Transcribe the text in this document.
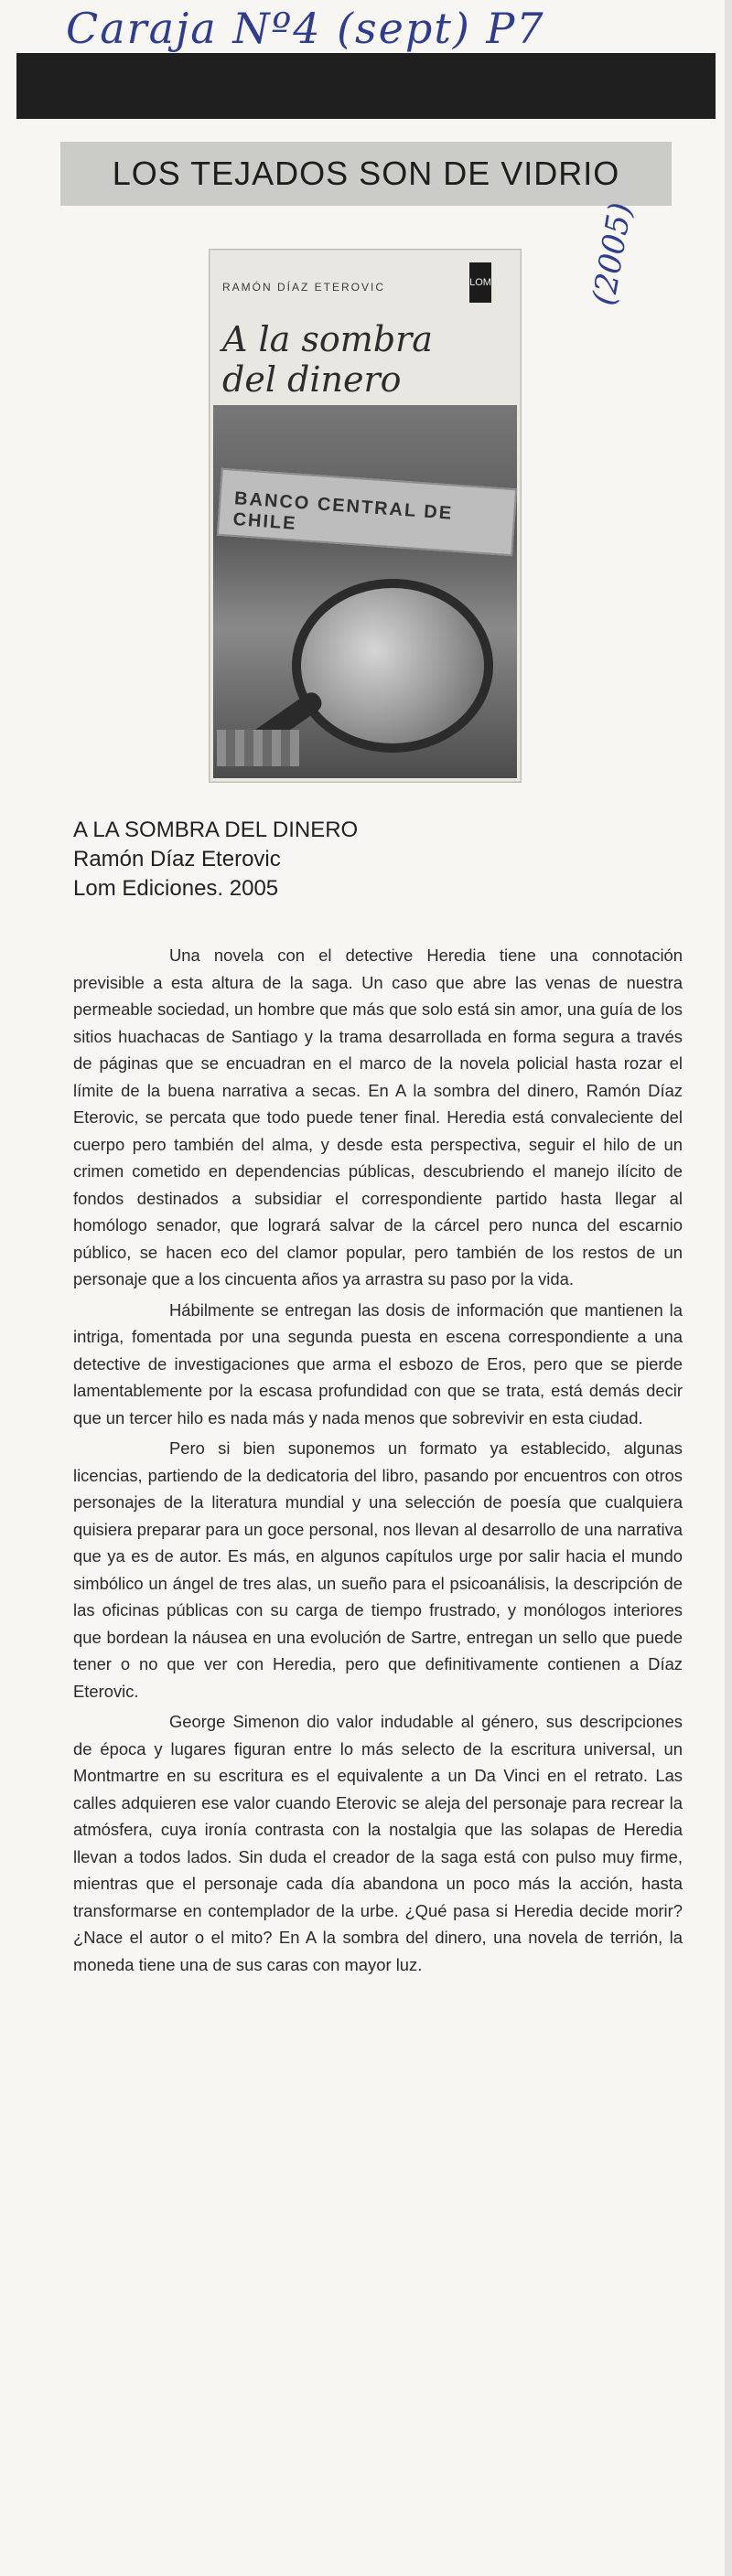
Caraja Nº4 (sept) P7
LOS TEJADOS SON DE VIDRIO
(2005)
RAMÓN DÍAZ ETEROVIC	LOM
A la sombra del dinero
BANCO CENTRAL DE CHILE
A LA SOMBRA DEL DINERO
Ramón Díaz Eterovic
Lom Ediciones. 2005

Una novela con el detective Heredia tiene una connotación previsible a esta altura de la saga. Un caso que abre las venas de nuestra permeable sociedad, un hombre que más que solo está sin amor, una guía de los sitios huachacas de Santiago y la trama desarrollada en forma segura a través de páginas que se encuadran en el marco de la novela policial hasta rozar el límite de la buena narrativa a secas. En A la sombra del dinero, Ramón Díaz Eterovic, se percata que todo puede tener final. Heredia está convaleciente del cuerpo pero también del alma, y desde esta perspectiva, seguir el hilo de un crimen cometido en dependencias públicas, descubriendo el manejo ilícito de fondos destinados a subsidiar el correspondiente partido hasta llegar al homólogo senador, que logrará salvar de la cárcel pero nunca del escarnio público, se hacen eco del clamor popular, pero también de los restos de un personaje que a los cincuenta años ya arrastra su paso por la vida.

Hábilmente se entregan las dosis de información que mantienen la intriga, fomentada por una segunda puesta en escena correspondiente a una detective de investigaciones que arma el esbozo de Eros, pero que se pierde lamentablemente por la escasa profundidad con que se trata, está demás decir que un tercer hilo es nada más y nada menos que sobrevivir en esta ciudad.

Pero si bien suponemos un formato ya establecido, algunas licencias, partiendo de la dedicatoria del libro, pasando por encuentros con otros personajes de la literatura mundial y una selección de poesía que cualquiera quisiera preparar para un goce personal, nos llevan al desarrollo de una narrativa que ya es de autor. Es más, en algunos capítulos urge por salir hacia el mundo simbólico un ángel de tres alas, un sueño para el psicoanálisis, la descripción de las oficinas públicas con su carga de tiempo frustrado, y monólogos interiores que bordean la náusea en una evolución de Sartre, entregan un sello que puede tener o no que ver con Heredia, pero que definitivamente contienen a Díaz Eterovic.

George Simenon dio valor indudable al género, sus descripciones de época y lugares figuran entre lo más selecto de la escritura universal, un Montmartre en su escritura es el equivalente a un Da Vinci en el retrato. Las calles adquieren ese valor cuando Eterovic se aleja del personaje para recrear la atmósfera, cuya ironía contrasta con la nostalgia que las solapas de Heredia llevan a todos lados. Sin duda el creador de la saga está con pulso muy firme, mientras que el personaje cada día abandona un poco más la acción, hasta transformarse en contemplador de la urbe. ¿Qué pasa si Heredia decide morir? ¿Nace el autor o el mito? En A la sombra del dinero, una novela de terrión, la moneda tiene una de sus caras con mayor luz.
